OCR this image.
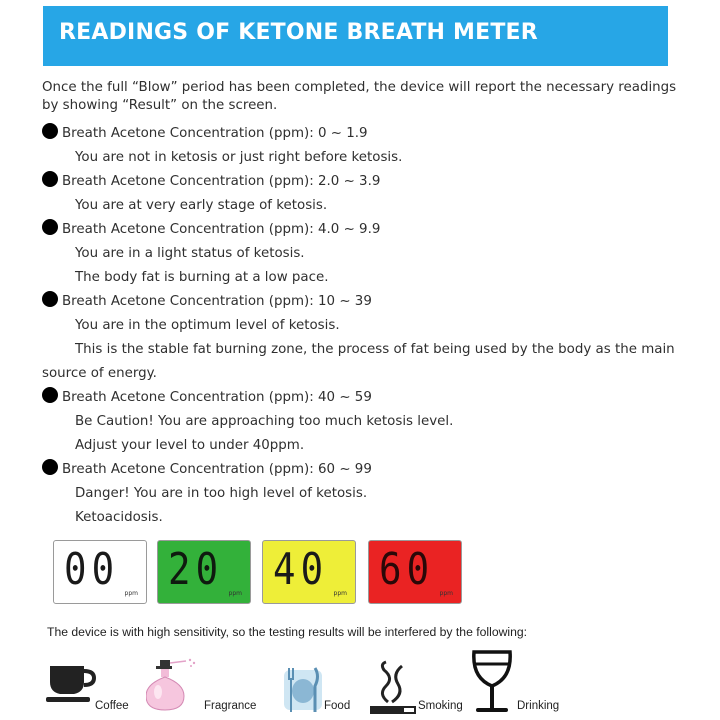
READINGS OF KETONE BREATH METER
Once the full “Blow” period has been completed, the device will report the necessary readings by showing “Result” on the screen.
Breath Acetone Concentration (ppm): 0 ~ 1.9
You are not in ketosis or just right before ketosis.
Breath Acetone Concentration (ppm): 2.0 ~ 3.9
You are at very early stage of ketosis.
Breath Acetone Concentration (ppm): 4.0 ~ 9.9
You are in a light status of ketosis.
The body fat is burning at a low pace.
Breath Acetone Concentration (ppm): 10 ~ 39
You are in the optimum level of ketosis.
This is the stable fat burning zone, the process of fat being used by the body as the main
source of energy.
Breath Acetone Concentration (ppm): 40 ~ 59
Be Caution! You are approaching too much ketosis level.
Adjust your level to under 40ppm.
Breath Acetone Concentration (ppm): 60 ~ 99
Danger! You are in too high level of ketosis.
Ketoacidosis.
00 ppm 20 ppm 40 ppm 60 ppm
The device is with high sensitivity, so the testing results will be interfered by the following:
Coffee	Fragrance	Food	Smoking	Drinking
